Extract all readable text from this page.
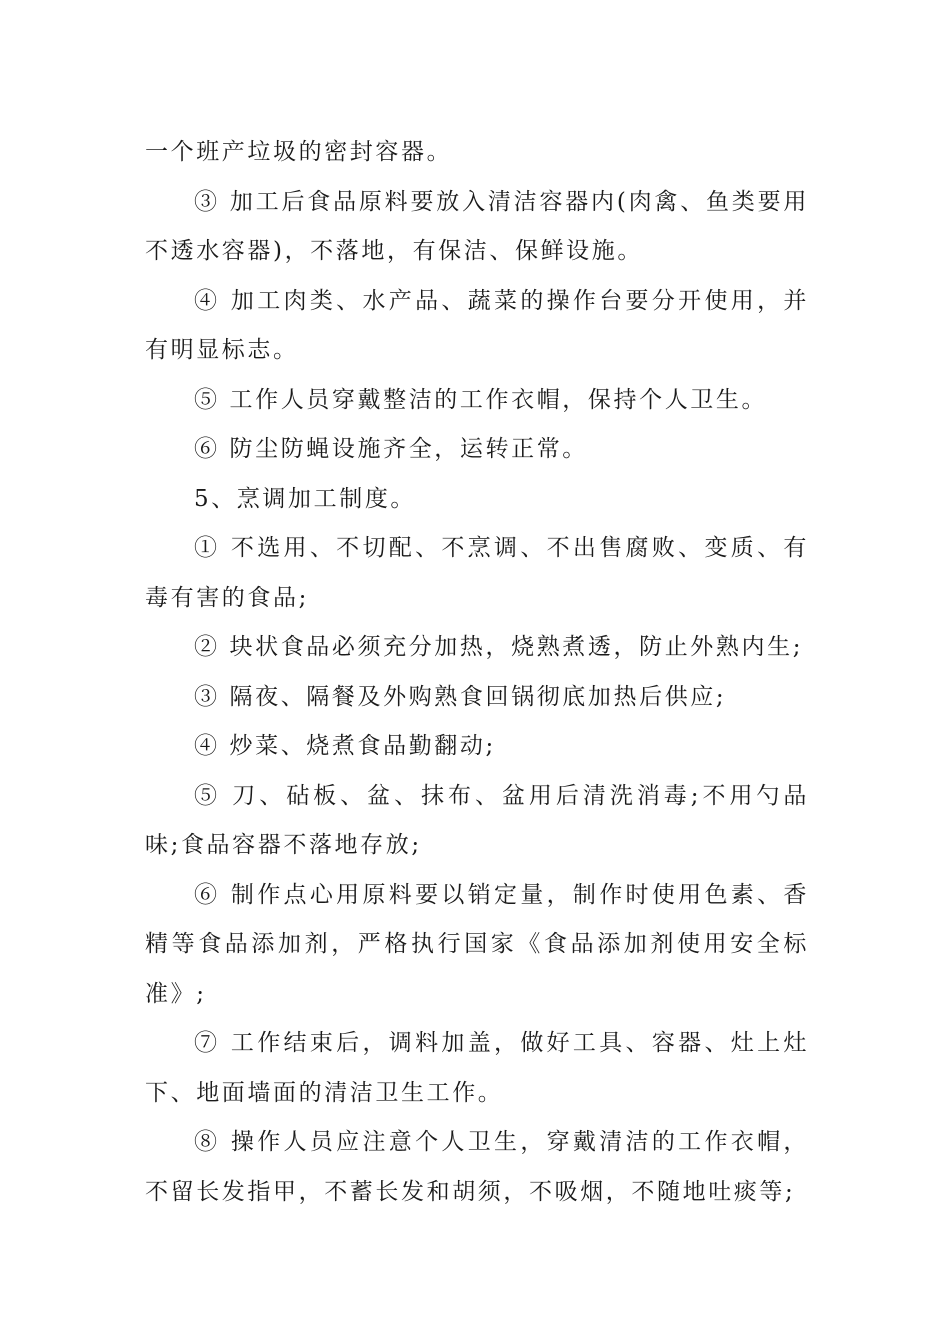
一个班产垃圾的密封容器。

③ 加工后食品原料要放入清洁容器内(肉禽、鱼类要用不透水容器)，不落地，有保洁、保鲜设施。

④ 加工肉类、水产品、蔬菜的操作台要分开使用，并有明显标志。

⑤ 工作人员穿戴整洁的工作衣帽，保持个人卫生。

⑥ 防尘防蝇设施齐全，运转正常。

5、烹调加工制度。

① 不选用、不切配、不烹调、不出售腐败、变质、有毒有害的食品;

② 块状食品必须充分加热，烧熟煮透，防止外熟内生;

③ 隔夜、隔餐及外购熟食回锅彻底加热后供应;

④ 炒菜、烧煮食品勤翻动;

⑤ 刀、砧板、盆、抹布、盆用后清洗消毒;不用勺品味;食品容器不落地存放;

⑥ 制作点心用原料要以销定量，制作时使用色素、香精等食品添加剂，严格执行国家《食品添加剂使用安全标准》;

⑦ 工作结束后，调料加盖，做好工具、容器、灶上灶下、地面墙面的清洁卫生工作。

⑧ 操作人员应注意个人卫生，穿戴清洁的工作衣帽，不留长发指甲，不蓄长发和胡须，不吸烟，不随地吐痰等;
